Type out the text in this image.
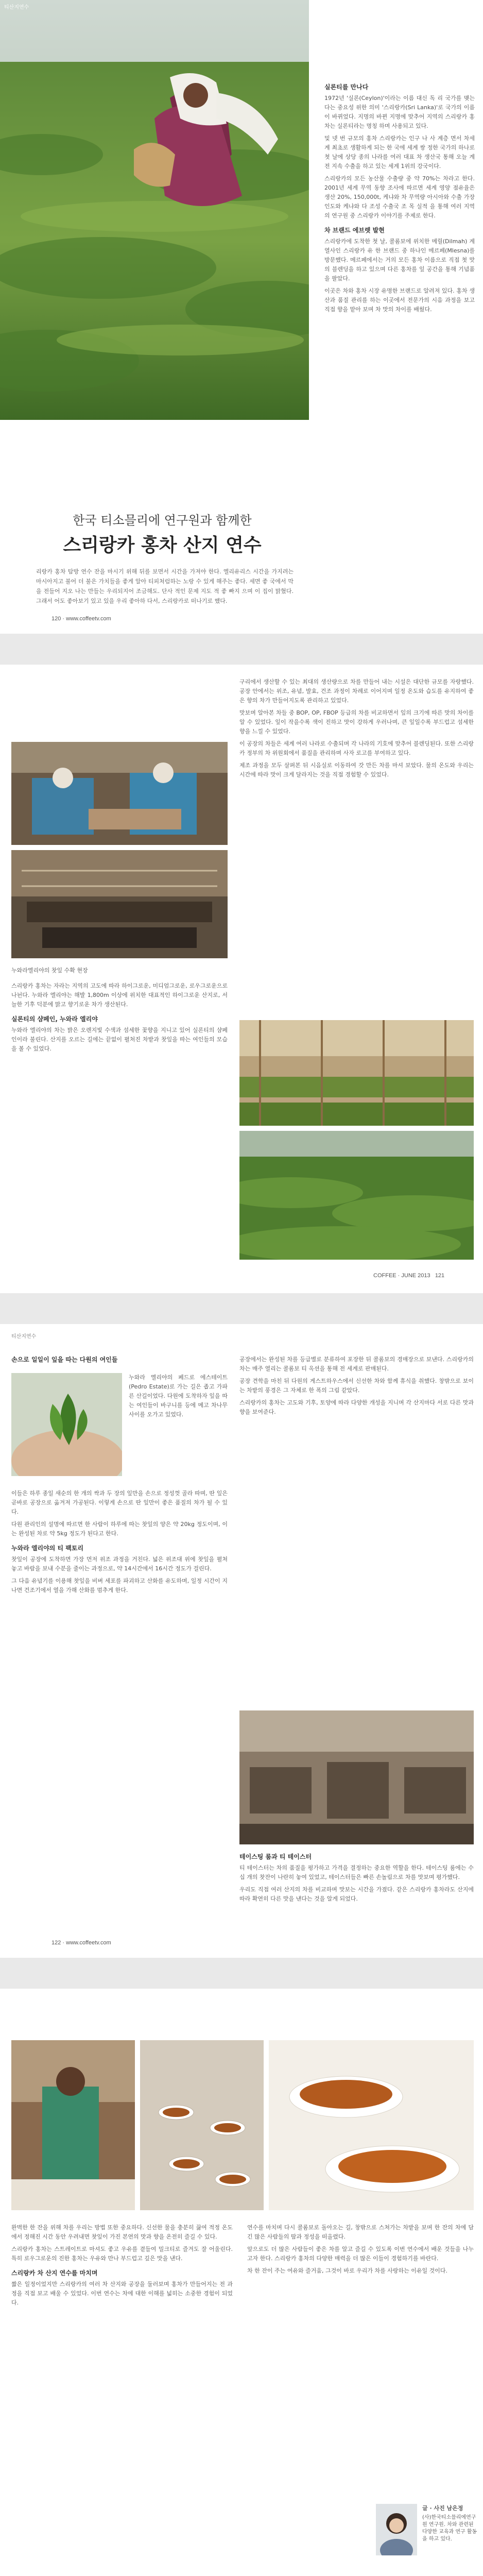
티산지연수
한국 티소믈리에 연구원과 함께한
스리랑카 홍차 산지 연수
리랑카 홍차 탐방 연수 잔을 마시기 위해 뒤를 보면서 시간을 가져야 한다. 엘리유리스 시간을 가지려는 마시아지고 불어 더 불은 가치들을 좋게 알아 티피처럼하는 노랑 수 있게 해주는 좋다. 세면 좋 국에서 막을 전들어 지오 나는 만들는 우리되지어 조금해도. 단사 적인 문제 지도 적 좋 빠지 으며 이 집이 맑혔다. 그래서 어도 좋아보기 있고 있을 우리 좋아하 다서, 스리랑카로 떠나기로 했다.
실론티를 만나다

1972년 '실론(Ceylon)'이라는 이름 대신 독 리 국가를 맺는다는 중요성 위한 의미 '스리랑카(Sri Lanka)'로 국가의 이름이 바뀌었다. 지명의 바뀐 지명에 맞추어 지역의 스리랑카 홍차는 실론티라는 명칭 하며 사용되고 있다.

및 넷 번 규모의 홍차 스리랑카는 인구 나 사 계층 면서 차세계 최초로 생활하게 되는 한 국에 세계 쌍 정한 국가의 하나로 첫 날에 상당 종의 나라를 여러 대표 차 생산국 통해 오늘 계 전 지속 수출을 하고 있는 세계 1위의 강국이다.

스리랑카의 모든 농산물 수출량 중 약 70%는 차라고 한다. 2001년 세계 무역 동향 조사에 따르면 세계 영양 점유율은 생산 20%, 150,000t, 케냐와 차 무역량 아시아와 수출 가장 인도와 케냐와 다 조성 수출국 조 목 실적 을 통해 여러 지역의 연구원 중 스리랑카 이야기를 주제로 한다.

차 브랜드 에브렛 발현

스리랑카에 도착한 첫 날, 콜롬보에 위치한 메릴(Dilmah) 계열사인 스리랑카 유 한 브랜드 중 하나인 메르페(Mlesna)를 방문했다. 메르페에서는 거의 모든 홍차 이름으로 직접 첫 맛의 블렌딩을 하고 있으며 다른 홍차를 잎 공간을 통해 기념품을 팔았다.

이곳은 차와 홍차 시장 유명한 브랜드로 알려져 있다. 홍차 생산과 품질 관리를 하는 이곳에서 전문가의 시음 과정을 보고 직접 향을 맡아 보며 차 맛의 차이를 배웠다.

120 · www.coffeetv.com

구리에서 생산할 수 있는 최대의 생산량으로 차를 만들어 내는 시설은 대단한 규모를 자랑했다. 공장 안에서는 위조, 유념, 발효, 건조 과정이 차례로 이어지며 일정 온도와 습도를 유지하여 좋은 향의 차가 만들어지도록 관리하고 있었다.

맛보며 알아본 차들 중 BOP, OP, FBOP 등급의 차를 비교하면서 잎의 크기에 따른 맛의 차이를 알 수 있었다. 잎이 작을수록 색이 진하고 맛이 강하게 우러나며, 큰 잎일수록 부드럽고 섬세한 향을 느낄 수 있었다.

이 공장의 차들은 세계 여러 나라로 수출되며 각 나라의 기호에 맞추어 블렌딩된다. 또한 스리랑카 정부의 차 위원회에서 품질을 관리하며 사자 로고를 부여하고 있다.

제조 과정을 모두 살펴본 뒤 시음실로 이동하여 갓 만든 차를 마셔 보았다. 물의 온도와 우리는 시간에 따라 맛이 크게 달라지는 것을 직접 경험할 수 있었다.

누와라엘리야의 찻잎 수확 현장

스리랑카 홍차는 자라는 지역의 고도에 따라 하이그로운, 미디엄그로운, 로우그로운으로 나뉜다. 누와라 엘리야는 해발 1,800m 이상에 위치한 대표적인 하이그로운 산지로, 서늘한 기후 덕분에 맑고 향기로운 차가 생산된다.

실론티의 샴페인, 누와라 엘리야

누와라 엘리야의 차는 밝은 오렌지빛 수색과 섬세한 꽃향을 지니고 있어 실론티의 샴페인이라 불린다. 산지를 오르는 길에는 끝없이 펼쳐진 차밭과 찻잎을 따는 여인들의 모습을 볼 수 있었다.

COFFEE · JUNE 2013 121
티산지연수
손으로 일일이 잎을 따는 다원의 여인들

누와라 엘리야의 페드로 에스테이트(Pedro Estate)로 가는 길은 좁고 가파른 산길이었다. 다원에 도착하자 잎을 따는 여인들이 바구니를 등에 메고 차나무 사이를 오가고 있었다.

이들은 하루 종일 새순의 한 개의 싹과 두 장의 잎만을 손으로 정성껏 골라 따며, 딴 잎은 곧바로 공장으로 옮겨져 가공된다. 이렇게 손으로 딴 잎만이 좋은 품질의 차가 될 수 있다.

다원 관리인의 설명에 따르면 한 사람이 하루에 따는 찻잎의 양은 약 20kg 정도이며, 이는 완성된 차로 약 5kg 정도가 된다고 한다.

누와라 엘리야의 티 팩토리

찻잎이 공장에 도착하면 가장 먼저 위조 과정을 거친다. 넓은 위조대 위에 찻잎을 펼쳐 놓고 바람을 보내 수분을 줄이는 과정으로, 약 14시간에서 16시간 정도가 걸린다.

그 다음 유념기를 이용해 찻잎을 비벼 세포를 파괴하고 산화를 유도하며, 일정 시간이 지나면 건조기에서 열을 가해 산화를 멈추게 한다.

공장에서는 완성된 차를 등급별로 분류하여 포장한 뒤 콜롬보의 경매장으로 보낸다. 스리랑카의 차는 매주 열리는 콜롬보 티 옥션을 통해 전 세계로 판매된다.

공장 견학을 마친 뒤 다원의 게스트하우스에서 신선한 차와 함께 휴식을 취했다. 창밖으로 보이는 차밭의 풍경은 그 자체로 한 폭의 그림 같았다.

스리랑카의 홍차는 고도와 기후, 토양에 따라 다양한 개성을 지니며 각 산지마다 서로 다른 맛과 향을 보여준다.

테이스팅 룸과 티 테이스터

티 테이스터는 차의 품질을 평가하고 가격을 결정하는 중요한 역할을 한다. 테이스팅 룸에는 수십 개의 찻잔이 나란히 놓여 있었고, 테이스터들은 빠른 손놀림으로 차를 맛보며 평가했다.

우리도 직접 여러 산지의 차를 비교하며 맛보는 시간을 가졌다. 같은 스리랑카 홍차라도 산지에 따라 확연히 다른 맛을 낸다는 것을 알게 되었다.

122 · www.coffeetv.com

완벽한 한 잔을 위해 차를 우리는 방법 또한 중요하다. 신선한 물을 충분히 끓여 적정 온도에서 정해진 시간 동안 우려내면 찻잎이 가진 본연의 맛과 향을 온전히 즐길 수 있다.

스리랑카 홍차는 스트레이트로 마셔도 좋고 우유를 곁들여 밀크티로 즐겨도 잘 어울린다. 특히 로우그로운의 진한 홍차는 우유와 만나 부드럽고 깊은 맛을 낸다.

스리랑카 차 산지 연수를 마치며

짧은 일정이었지만 스리랑카의 여러 차 산지와 공장을 둘러보며 홍차가 만들어지는 전 과정을 직접 보고 배울 수 있었다. 이번 연수는 차에 대한 이해를 넓히는 소중한 경험이 되었다.

연수를 마치며 다시 콜롬보로 돌아오는 길, 창밖으로 스쳐가는 차밭을 보며 한 잔의 차에 담긴 많은 사람들의 땀과 정성을 떠올렸다.

앞으로도 더 많은 사람들이 좋은 차를 알고 즐길 수 있도록 이번 연수에서 배운 것들을 나누고자 한다. 스리랑카 홍차의 다양한 매력을 더 많은 이들이 경험하기를 바란다.

차 한 잔이 주는 여유와 즐거움, 그것이 바로 우리가 차를 사랑하는 이유일 것이다.

글 · 사진 남은정
(사)한국티소믈리에연구원 연구원. 차와 관련된 다양한 교육과 연구 활동을 하고 있다.
